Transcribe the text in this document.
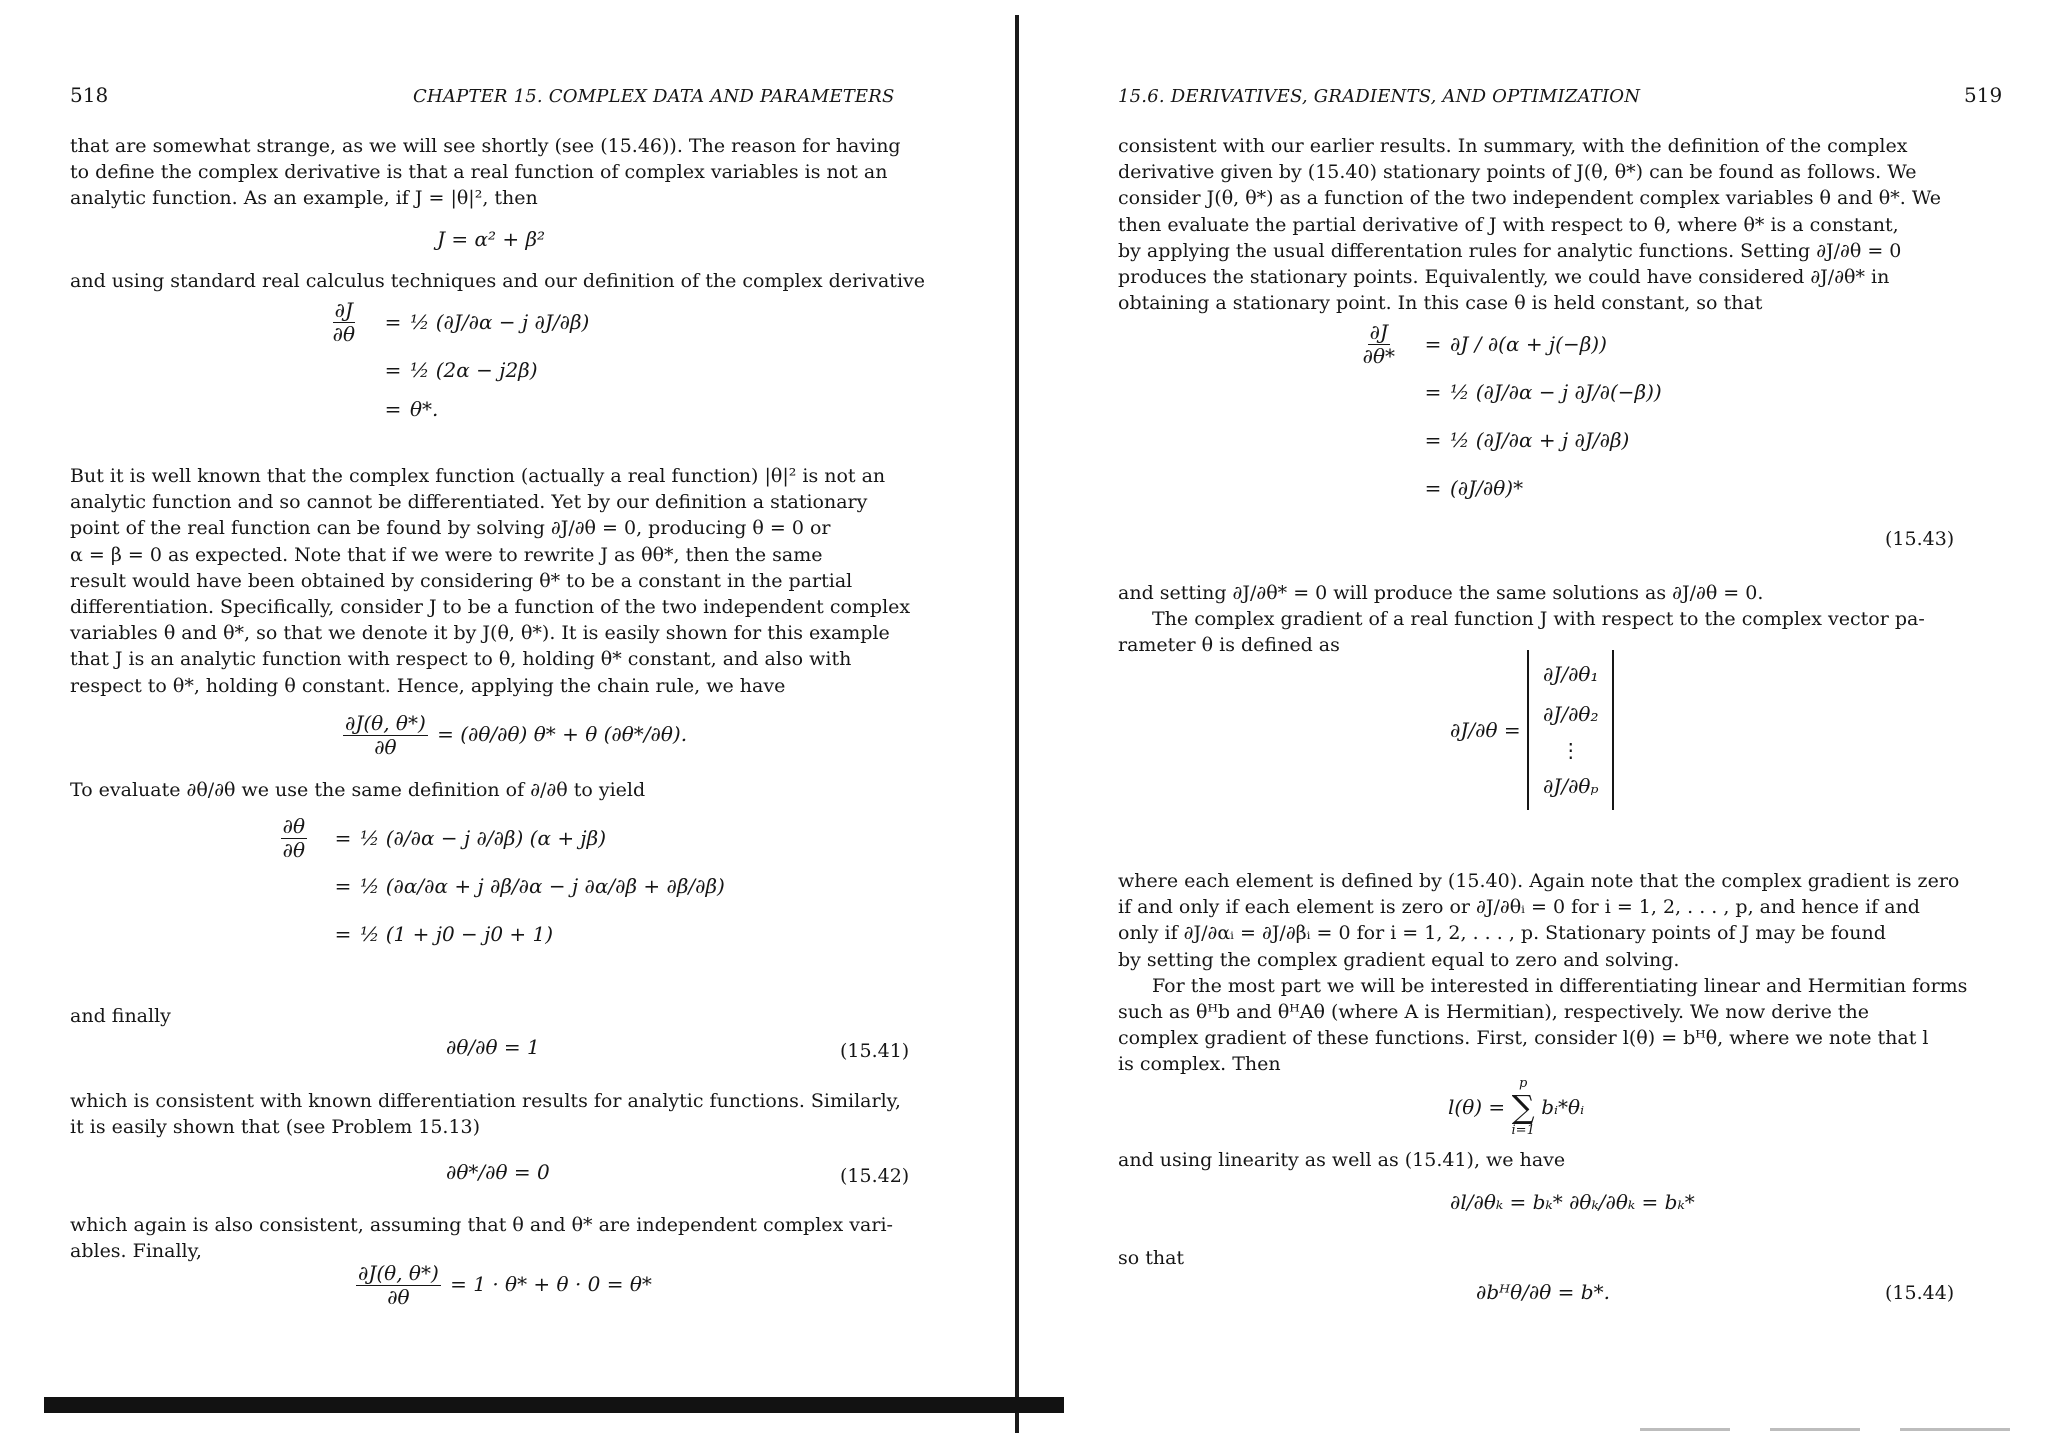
518	CHAPTER 15. COMPLEX DATA AND PARAMETERS
that are somewhat strange, as we will see shortly (see (15.46)). The reason for having
to define the complex derivative is that a real function of complex variables is not an
analytic function. As an example, if J = |θ|², then
J = α² + β²
and using standard real calculus techniques and our definition of the complex derivative
$\frac{\partial J}{\partial\theta}$	= ½ (∂J/∂α − j ∂J/∂β)
= ½ (2α − j2β)
= θ*.
But it is well known that the complex function (actually a real function) |θ|² is not an
analytic function and so cannot be differentiated. Yet by our definition a stationary
point of the real function can be found by solving ∂J/∂θ = 0, producing θ = 0 or
α = β = 0 as expected. Note that if we were to rewrite J as θθ*, then the same
result would have been obtained by considering θ* to be a constant in the partial
differentiation. Specifically, consider J to be a function of the two independent complex
variables θ and θ*, so that we denote it by J(θ, θ*). It is easily shown for this example
that J is an analytic function with respect to θ, holding θ* constant, and also with
respect to θ*, holding θ constant. Hence, applying the chain rule, we have
$\frac{\partial J(\theta, \theta*)}{\partial\theta} = (\partial\theta/\partial\theta) \theta* + \theta$ (∂θ*/∂θ).
To evaluate ∂θ/∂θ we use the same definition of ∂/∂θ to yield
$\frac{\partial\theta}{\partial\theta}$	= ½ (∂/∂α − j ∂/∂β) (α + jβ)
= ½ (∂α/∂α + j ∂β/∂α − j ∂α/∂β + ∂β/∂β)
= ½ (1 + j0 − j0 + 1)
and finally
∂θ/∂θ = 1	(15.41)
which is consistent with known differentiation results for analytic functions. Similarly,
it is easily shown that (see Problem 15.13)
∂θ*/∂θ = 0	(15.42)
which again is also consistent, assuming that θ and θ* are independent complex vari-
ables. Finally,
$\frac{\partial J(\theta, \theta*)}{\partial\theta} = 1 \cdot \theta* + \theta \cdot 0 = \theta*$
15.6. DERIVATIVES, GRADIENTS, AND OPTIMIZATION	519
consistent with our earlier results. In summary, with the definition of the complex
derivative given by (15.40) stationary points of J(θ, θ*) can be found as follows. We
consider J(θ, θ*) as a function of the two independent complex variables θ and θ*. We
then evaluate the partial derivative of J with respect to θ, where θ* is a constant,
by applying the usual differentation rules for analytic functions. Setting ∂J/∂θ = 0
produces the stationary points. Equivalently, we could have considered ∂J/∂θ* in
obtaining a stationary point. In this case θ is held constant, so that
$\frac{\partial J}{\partial\theta*}$	= ∂J / ∂(α + j(−β))
= ½ (∂J/∂α − j ∂J/∂(−β))
= ½ (∂J/∂α + j ∂J/∂β)
= (∂J/∂θ)*
(15.43)
and setting ∂J/∂θ* = 0 will produce the same solutions as ∂J/∂θ = 0.
The complex gradient of a real function J with respect to the complex vector pa-
rameter θ is defined as
∂J/∂θ =
∂J/∂θ₁
∂J/∂θ₂
⋮
∂J/∂θₚ
where each element is defined by (15.40). Again note that the complex gradient is zero
if and only if each element is zero or ∂J/∂θᵢ = 0 for i = 1, 2, . . . , p, and hence if and
only if ∂J/∂αᵢ = ∂J/∂βᵢ = 0 for i = 1, 2, . . . , p. Stationary points of J may be found
by setting the complex gradient equal to zero and solving.
For the most part we will be interested in differentiating linear and Hermitian forms
such as θᴴb and θᴴAθ (where A is Hermitian), respectively. We now derive the
complex gradient of these functions. First, consider l(θ) = bᴴθ, where we note that l
is complex. Then
l(θ) =
p
∑
i=1
bᵢ*θᵢ
and using linearity as well as (15.41), we have
∂l/∂θₖ = bₖ* ∂θₖ/∂θₖ = bₖ*
so that
∂bᴴθ/∂θ = b*.	(15.44)
